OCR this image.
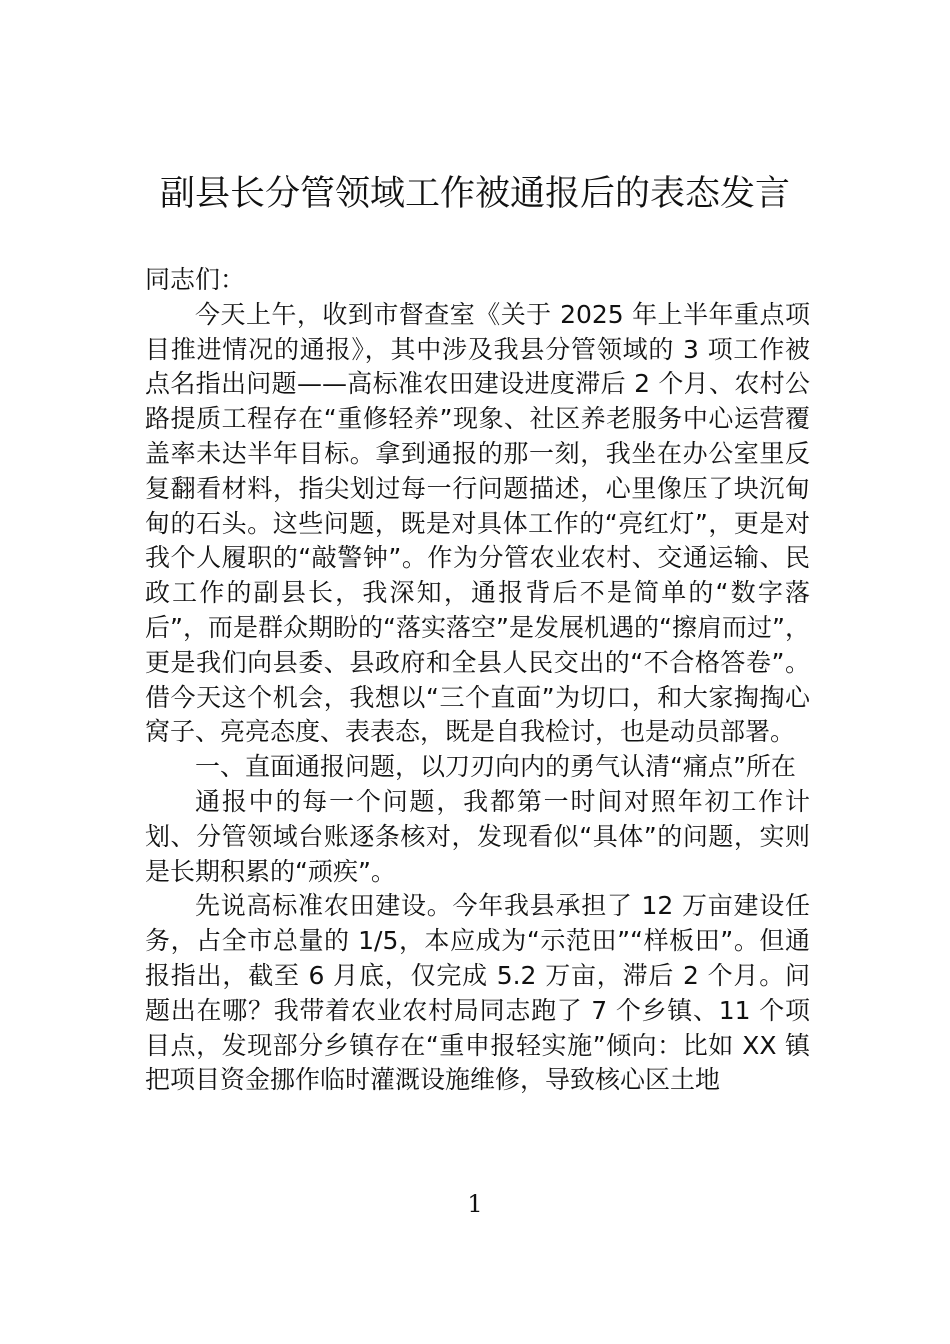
副县长分管领域工作被通报后的表态发言

同志们：

今天上午，收到市督查室《关于 2025 年上半年重点项目推进情况的通报》，其中涉及我县分管领域的 3 项工作被点名指出问题——高标准农田建设进度滞后 2 个月、农村公路提质工程存在“重修轻养”现象、社区养老服务中心运营覆盖率未达半年目标。拿到通报的那一刻，我坐在办公室里反复翻看材料，指尖划过每一行问题描述，心里像压了块沉甸甸的石头。这些问题，既是对具体工作的“亮红灯”，更是对我个人履职的“敲警钟”。作为分管农业农村、交通运输、民政工作的副县长，我深知，通报背后不是简单的“数字落后”，而是群众期盼的“落实落空”是发展机遇的“擦肩而过”，更是我们向县委、县政府和全县人民交出的“不合格答卷”。 借今天这个机会，我想以“三个直面”为切口，和大家掏掏心窝子、亮亮态度、表表态，既是自我检讨，也是动员部署。

一、直面通报问题，以刀刃向内的勇气认清“痛点”所在

通报中的每一个问题，我都第一时间对照年初工作计划、分管领域台账逐条核对，发现看似“具体”的问题，实则是长期积累的“顽疾”。

先说高标准农田建设。今年我县承担了 12 万亩建设任务，占全市总量的 1/5，本应成为“示范田”“样板田”。但通报指出，截至 6 月底，仅完成 5.2 万亩，滞后 2 个月。问题出在哪？我带着农业农村局同志跑了 7 个乡镇、11 个项目点，发现部分乡镇存在“重申报轻实施”倾向：比如 XX 镇把项目资金挪作临时灌溉设施维修，导致核心区土地

1
